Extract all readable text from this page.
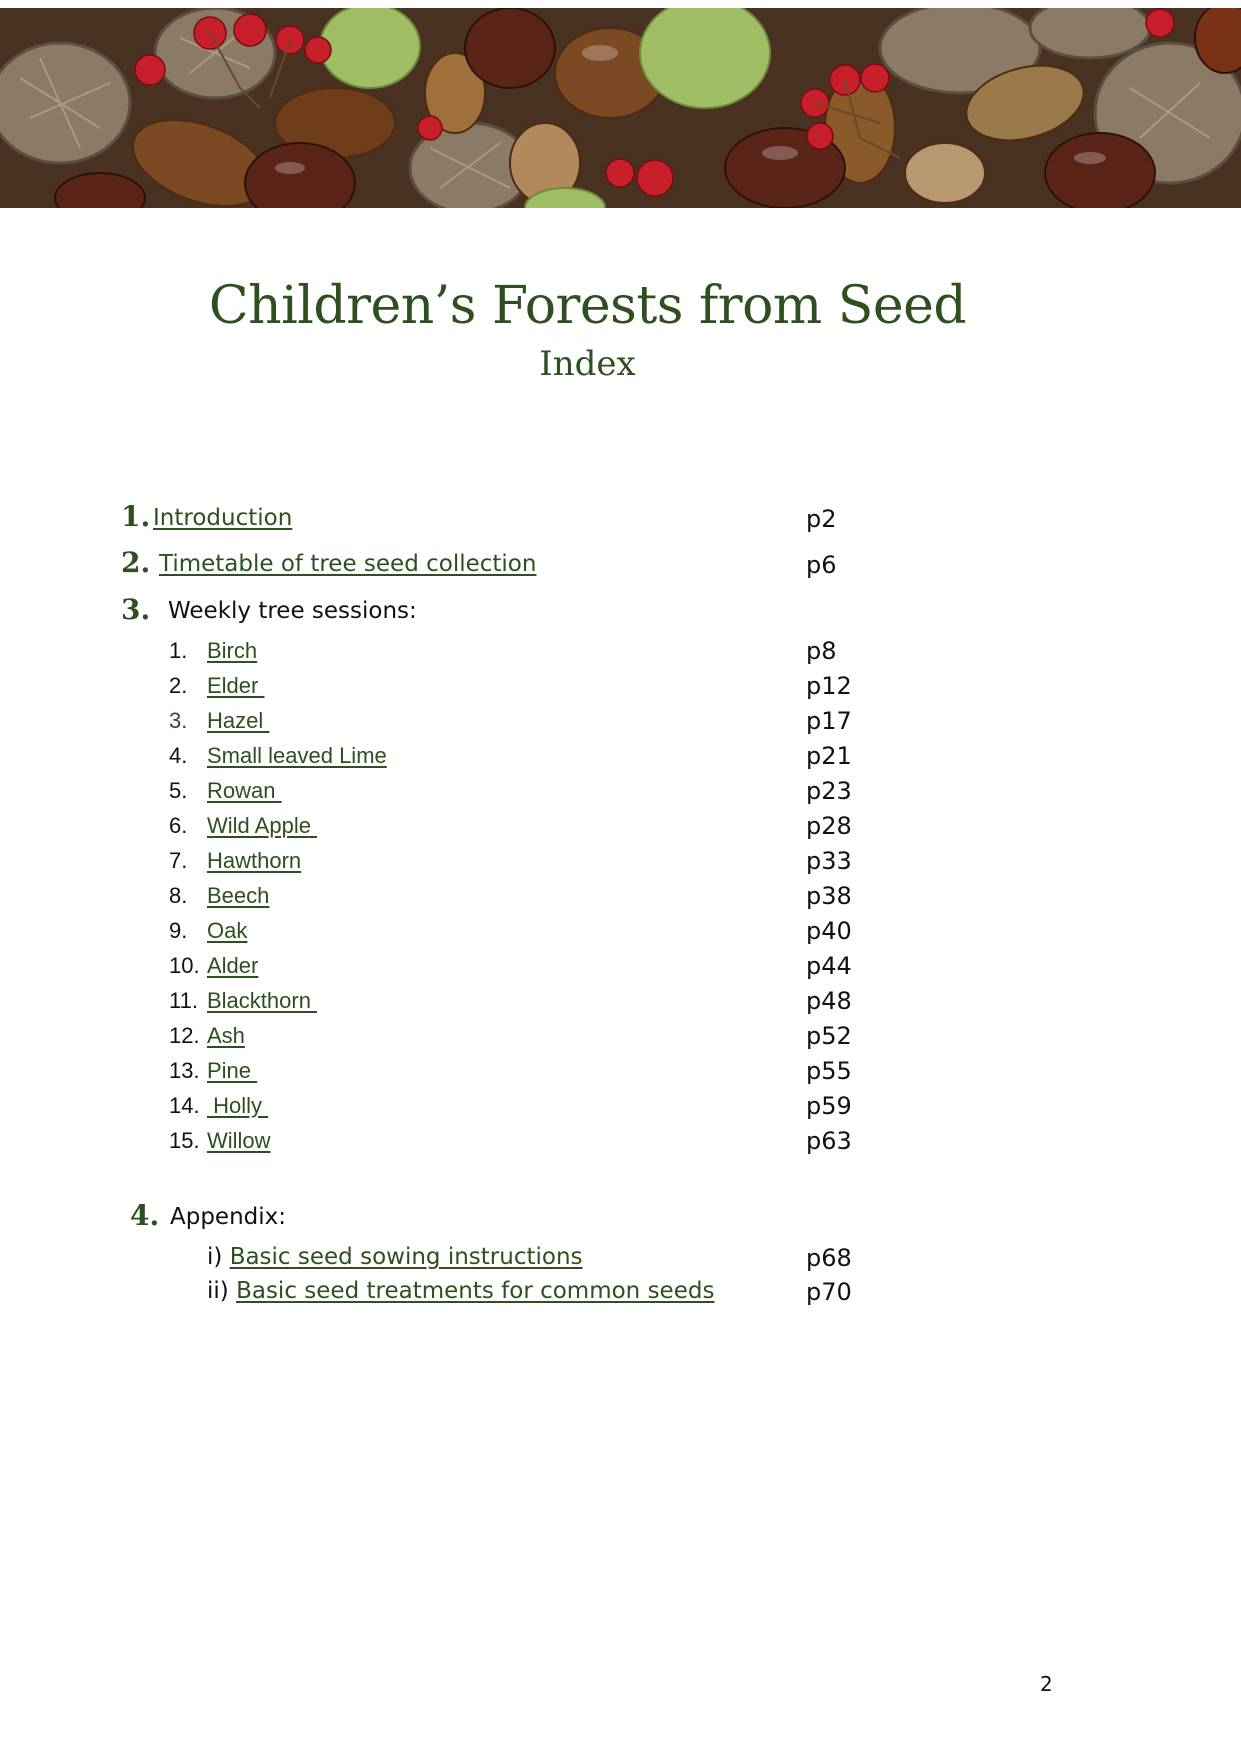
Children’s Forests from Seed
Index
1. Introduction	p2
2. Timetable of tree seed collection	p6
3. Weekly tree sessions:
1. Birch	p8
2. Elder	p12
3. Hazel	p17
4. Small leaved Lime	p21
5. Rowan	p23
6. Wild Apple	p28
7. Hawthorn	p33
8. Beech	p38
9. Oak	p40
10. Alder	p44
11. Blackthorn	p48
12. Ash	p52
13. Pine	p55
14. Holly	p59
15. Willow	p63
4. Appendix:
i) Basic seed sowing instructions	p68
ii) Basic seed treatments for common seeds	p70
2
